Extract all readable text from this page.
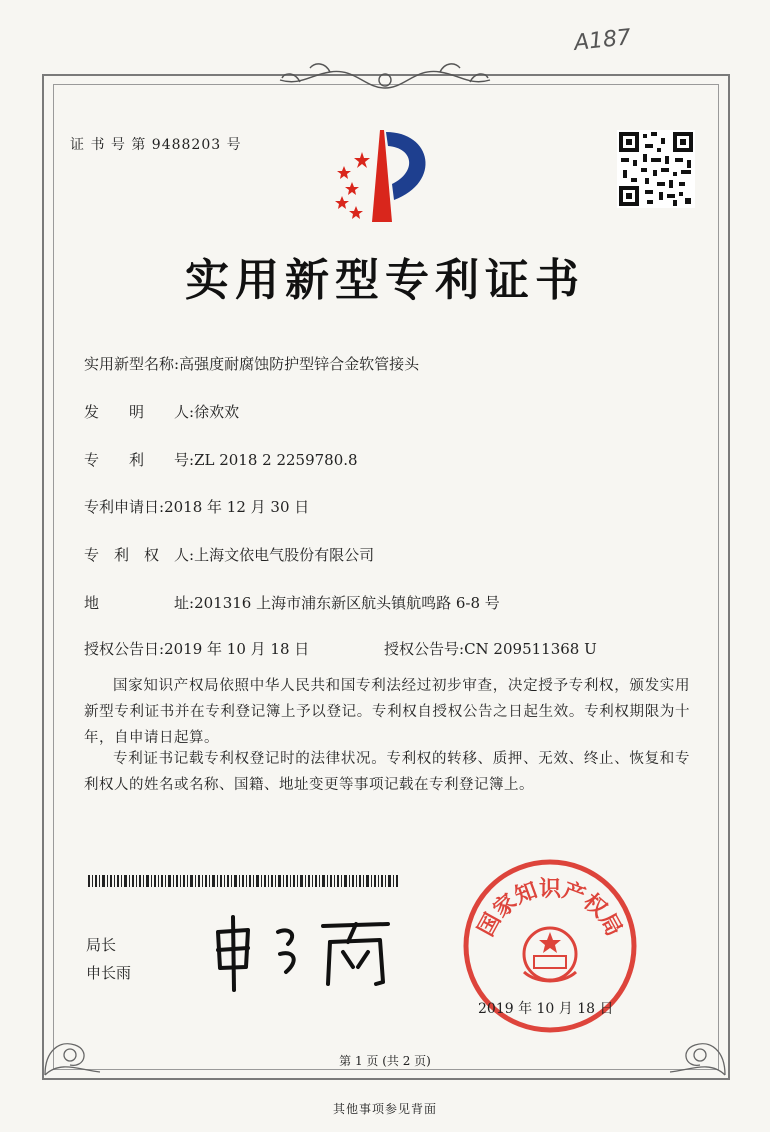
A187
证 书 号 第 9488203 号
实用新型专利证书
实用新型名称:高强度耐腐蚀防护型锌合金软管接头
发　　明　　人:徐欢欢
专　　利　　号:ZL 2018 2 2259780.8
专利申请日:2018 年 12 月 30 日
专　利　权　人:上海文依电气股份有限公司
地　　　　　址:201316 上海市浦东新区航头镇航鸣路 6-8 号
授权公告日:2019 年 10 月 18 日	授权公告号:CN 209511368 U
国家知识产权局依照中华人民共和国专利法经过初步审查，决定授予专利权，颁发实用新型专利证书并在专利登记簿上予以登记。专利权自授权公告之日起生效。专利权期限为十年，自申请日起算。
专利证书记载专利权登记时的法律状况。专利权的转移、质押、无效、终止、恢复和专利权人的姓名或名称、国籍、地址变更等事项记载在专利登记簿上。
局长
申长雨
国家知识产权局
2019 年 10 月 18 日
第 1 页 (共 2 页)
其他事项参见背面
